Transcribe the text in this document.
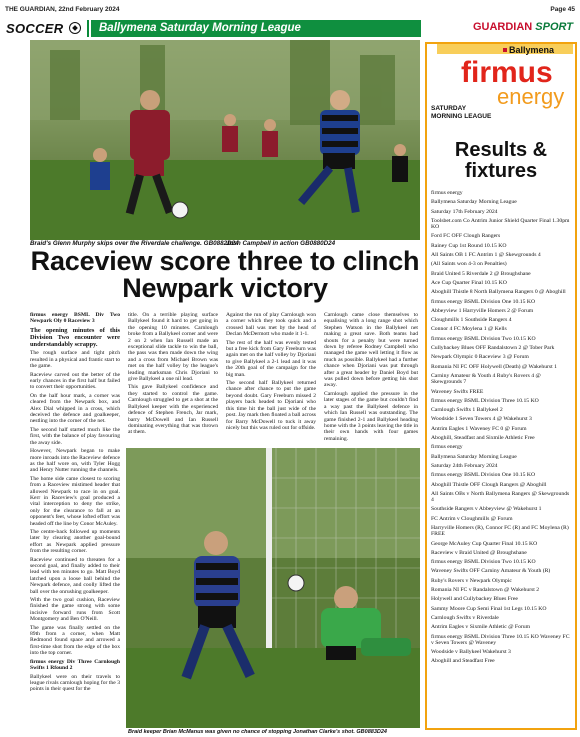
THE GUARDIAN, 22nd February 2024	Page 45
SOCCER	Ballymena Saturday Morning League	GUARDIAN SPORT
Braid's Glenn Murphy skips over the Riverdale challenge. GB0882D24
Josh Campbell in action GB0880D24
Raceview score three to clinch Newpark victory

firmus energy BSML Div Two Newpark Oly 0 Raceview 3

The opening minutes of this Division Two encounter were understandably scrappy.

The rough surface and tight pitch resulted in a physical and frantic start to the game.

Raceview carved out the better of the early chances in the first half but failed to convert their opportunities.

On the half hour mark, a corner was cleared from the Newpark box, and Alex Dial whipped in a cross, which deceived the defence and goalkeeper, nestling into the corner of the net.

The second half started much like the first, with the balance of play favouring the away side.

However, Newpark began to make more inroads into the Raceview defence as the half wore on, with Tyler Hogg and Henry Nutter running the channels.

The home side came closest to scoring from a Raceview mistimed header that allowed Newpark to race in on goal. Kerr in Raceview's goal produced a vital interception to deny the strike, only for the clearance to fall at an opponent's feet, whose lofted effort was headed off the line by Conor McAuley.

The centre-back followed up moments later by clearing another goal-bound effort as Newpark applied pressure from the resulting corner.

Raceview continued to threaten for a second goal, and finally added to their lead with ten minutes to go. Matt Boyd latched upon a loose ball behind the Newpark defence, and coolly lifted the ball over the onrushing goalkeeper.

With the two goal cushion, Raceview finished the game strong with some incisive forward runs from Scott Montgomery and Ben O'Neill.

The game was finally settled on the 89th from a corner, when Matt Redmond found space and arrowed a first-time shot from the edge of the box into the top corner.

firmus energy Div Three Carnlough Swifts 1 Rfound 2

Ballykeel were on their travels to league rivals carnlough hoping for the 3 points in their quest for the

title. On a terrible playing surface Ballykeel found it hard to get going in the opening 10 minutes. Carnlough broke from a Ballykeel corner and were 2 on 2 when Ian Russell made an exceptional slide tackle to win the ball, the pass was then made down the wing and a cross from Michael Brown was met on the half volley by the league's leading marksman Chris Djoriani to give Ballykeel a one nil lead.

This gave Ballykeel confidence and they started to control the game. Carnlough struggled to get a shot at the Ballykeel keeper with the experienced defence of Stephen French, Jar mark, barry McDowell and Ian Russell dominating everything that was thrown at them.

Against the run of play Carnlough won a corner which they took quick and a crossed ball was met by the head of Declan McDermott who made it 1-1.

The rest of the half was evenly tested but a free kick from Gary Freeburn was again met on the half volley by Djoriani to give Ballykeel a 2-1 lead and it was the 20th goal of the campaign for the big man.

The second half Ballykeel returned chance after chance to put the game beyond doubt. Gary Freeburn missed 2 players back headed to Djoriani who this time hit the ball just wide of the post. Jay mark then floated a ball across for Barry McDowell to tuck it away nicely but this was ruled out for offside.

Carnlough came close themselves to equalising with a long range shot which Stephen Watson in the Ballykeel net making a great save. Both teams had shouts for a penalty but were turned down by referee Rodney Campbell who managed the game well letting it flow as much as possible. Ballykeel had a further chance when Djoriani was put through after a great header by Daniel Boyd but was pulled down before getting his shot away.

Carnlough applied the pressure in the later stages of the game but couldn't find a way past the Ballykeel defence in which Ian Russell was outstanding. The game finished 2-1 and Ballykeel heading home with the 3 points leaving the title in their own hands with four games remaining.

Braid keeper Brian McManus was given no chance of stopping Jonathan Clarke's shot. GB0883D24
Ballymena
firmus
energy
SATURDAY
MORNING LEAGUE
Results & fixtures

firmus energy

Ballymena Saturday Morning League

Saturday 17th February 2024

Toolsbet.com Co Antrim Junior Shield Quarter Final 1.30pm KO

Ford FC OFF Clough Rangers

Rainey Cup 1st Round 10.15 KO

All Saints OB 1 FC Antrim 1 @ Skewgrounds 4

(All Saints won 4-3 on Penalties)

Braid United 5 Riverdale 2 @ Broughshane

Ace Cup Quarter Final 10.15 KO

Aboghill Thistle 8 North Ballymena Rangers 0 @ Aboghill

firmus energy BSML Division One 10.15 KO

Abbeyview 1 Harryville Homers 2 @ Forum

Cloughmills 1 Southside Rangers 4

Connor 4 FC Moylena 1 @ Kells

firmus energy BSML Division Two 10.15 KO

Cullybackey Blues OFF Randalstown 2 @ Tober Park

Newpark Olympic 0 Raceview 3 @ Forum

Romania NI FC OFF Holywell (Death) @ Wakehurst 1

Carniny Amateur & Youth 4 Ruby's Rovers 4 @ Skewgrounds 7

Waveney Swifts FREE

firmus energy BSML Division Three 10.15 KO

Carnlough Swifts 1 Ballykeel 2

Woodside 1 Seven Towers 4 @ Wakehurst 3

Antrim Eagles 1 Waveney FC 0 @ Forum

Aboghill, Steadfast and Sixmile Athletic Free

firmus energy

Ballymena Saturday Morning League

Saturday 24th February 2024

firmus energy BSML Division One 10.15 KO

Aboghill Thistle OFF Clough Rangers @ Aboghill

All Saints OBs v North Ballymena Rangers @ Skewgrounds 4

Southside Rangers v Abbeyview @ Wakehurst 1

FC Antrim v Cloughmills @ Forum

Harryville Homers (R), Connor FC (R) and FC Moylena (R) FREE

George McAuley Cup Quarter Final 10.15 KO

Raceview v Braid United @ Broughshane

firmus energy BSML Division Two 10.15 KO

Waveney Swifts OFF Carniny Amateur & Youth (R)

Ruby's Rovers v Newpark Olympic

Romania NI FC v Randalstown @ Wakehurst 2

Holywell and Cullybackey Blues Free

Sammy Moore Cup Semi Final 1st Legs 10.15 KO

Carnlough Swifts v Riverdale

Antrim Eagles v Sixmile Athletic @ Forum

firmus energy BSML Division Three 10.15 KO Waveney FC v Seven Towers @ Waveney

Woodside v Ballykeel Wakehurst 3

Aboghill and Steadfast Free
